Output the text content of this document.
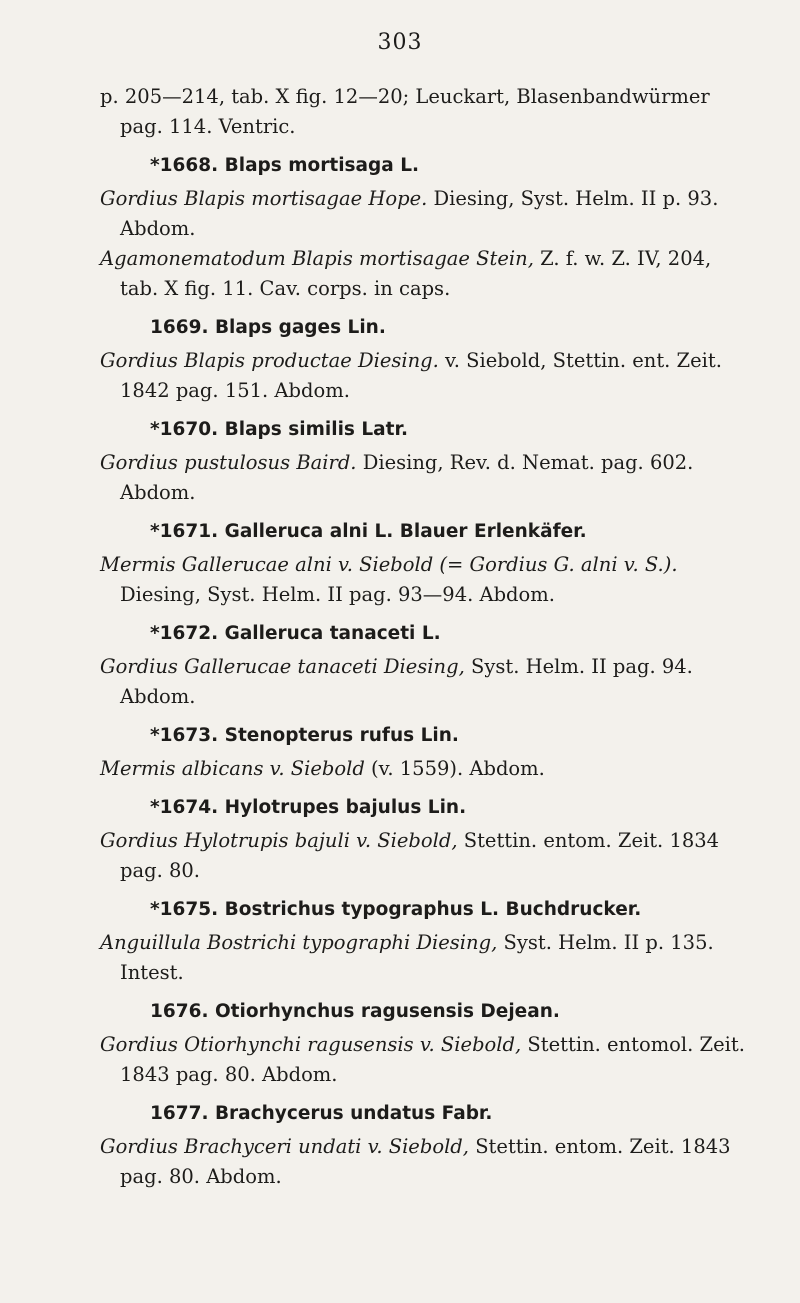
303

p. 205—214, tab. X fig. 12—20; Leuckart, Blasenbandwürmer pag. 114. Ventric.

*1668. Blaps mortisaga L.

Gordius Blapis mortisagae Hope. Diesing, Syst. Helm. II p. 93. Abdom.

Agamonematodum Blapis mortisagae Stein, Z. f. w. Z. IV, 204, tab. X fig. 11. Cav. corps. in caps.

1669. Blaps gages Lin.

Gordius Blapis productae Diesing. v. Siebold, Stettin. ent. Zeit. 1842 pag. 151. Abdom.

*1670. Blaps similis Latr.

Gordius pustulosus Baird. Diesing, Rev. d. Nemat. pag. 602. Abdom.

*1671. Galleruca alni L. Blauer Erlenkäfer.

Mermis Gallerucae alni v. Siebold (= Gordius G. alni v. S.). Diesing, Syst. Helm. II pag. 93—94. Abdom.

*1672. Galleruca tanaceti L.

Gordius Gallerucae tanaceti Diesing, Syst. Helm. II pag. 94. Abdom.

*1673. Stenopterus rufus Lin.

Mermis albicans v. Siebold (v. 1559). Abdom.

*1674. Hylotrupes bajulus Lin.

Gordius Hylotrupis bajuli v. Siebold, Stettin. entom. Zeit. 1834 pag. 80.

*1675. Bostrichus typographus L. Buchdrucker.

Anguillula Bostrichi typographi Diesing, Syst. Helm. II p. 135. Intest.

1676. Otiorhynchus ragusensis Dejean.

Gordius Otiorhynchi ragusensis v. Siebold, Stettin. entomol. Zeit. 1843 pag. 80. Abdom.

1677. Brachycerus undatus Fabr.

Gordius Brachyceri undati v. Siebold, Stettin. entom. Zeit. 1843 pag. 80. Abdom.
